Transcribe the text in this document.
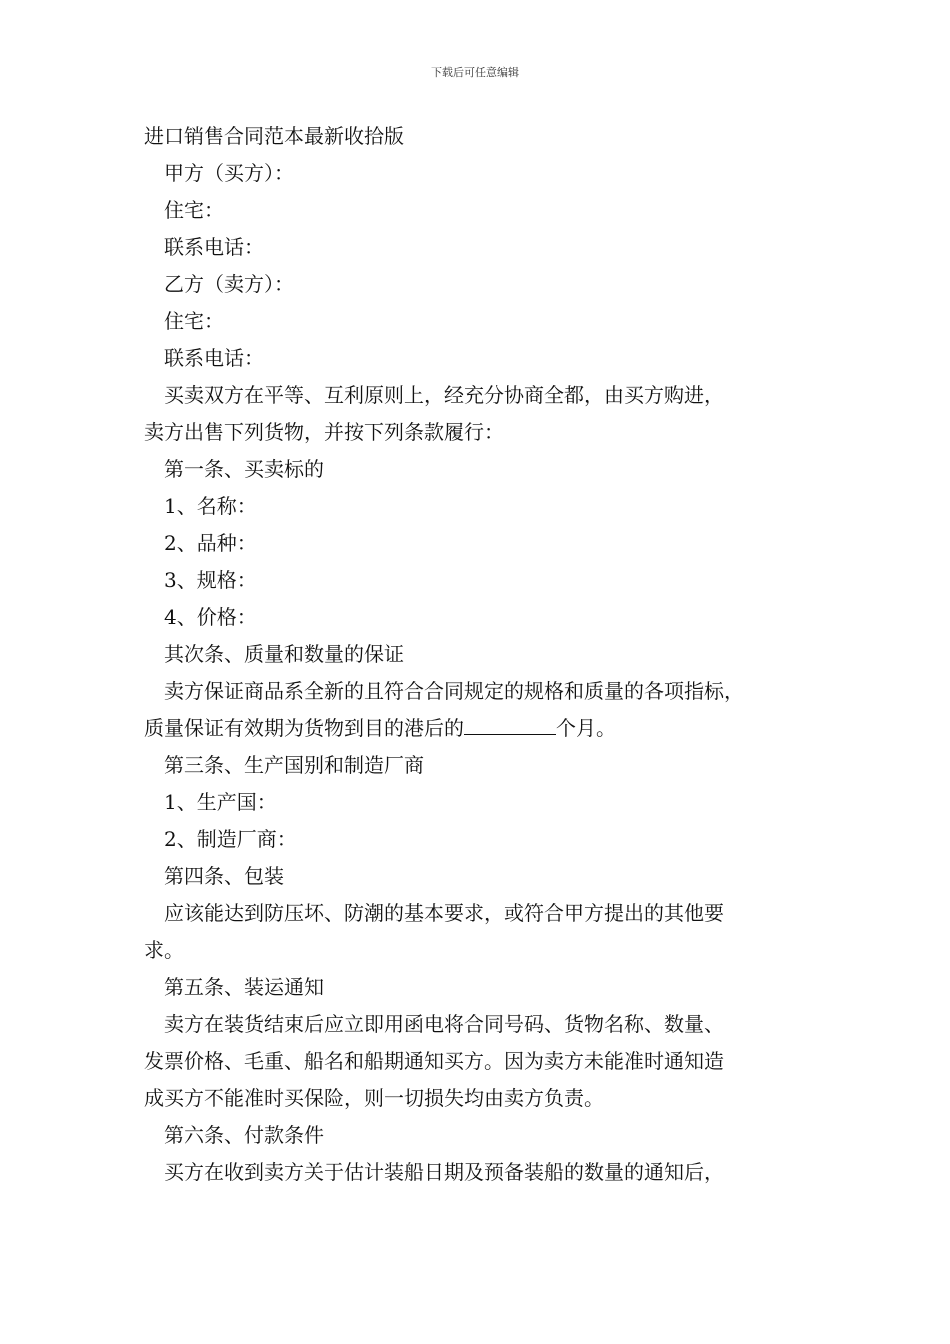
下载后可任意编辑
进口销售合同范本最新收拾版
甲方（买方）：
住宅：
联系电话：
乙方（卖方）：
住宅：
联系电话：
买卖双方在平等、互利原则上，经充分协商全都，由买方购进，
卖方出售下列货物，并按下列条款履行：
第一条、买卖标的
1、名称：
2、品种：
3、规格：
4、价格：
其次条、质量和数量的保证
卖方保证商品系全新的且符合合同规定的规格和质量的各项指标，
质量保证有效期为货物到目的港后的	个月。
第三条、生产国别和制造厂商
1、生产国：
2、制造厂商：
第四条、包装
应该能达到防压坏、防潮的基本要求，或符合甲方提出的其他要
求。
第五条、装运通知
卖方在装货结束后应立即用函电将合同号码、货物名称、数量、
发票价格、毛重、船名和船期通知买方。因为卖方未能准时通知造
成买方不能准时买保险，则一切损失均由卖方负责。
第六条、付款条件
买方在收到卖方关于估计装船日期及预备装船的数量的通知后，
